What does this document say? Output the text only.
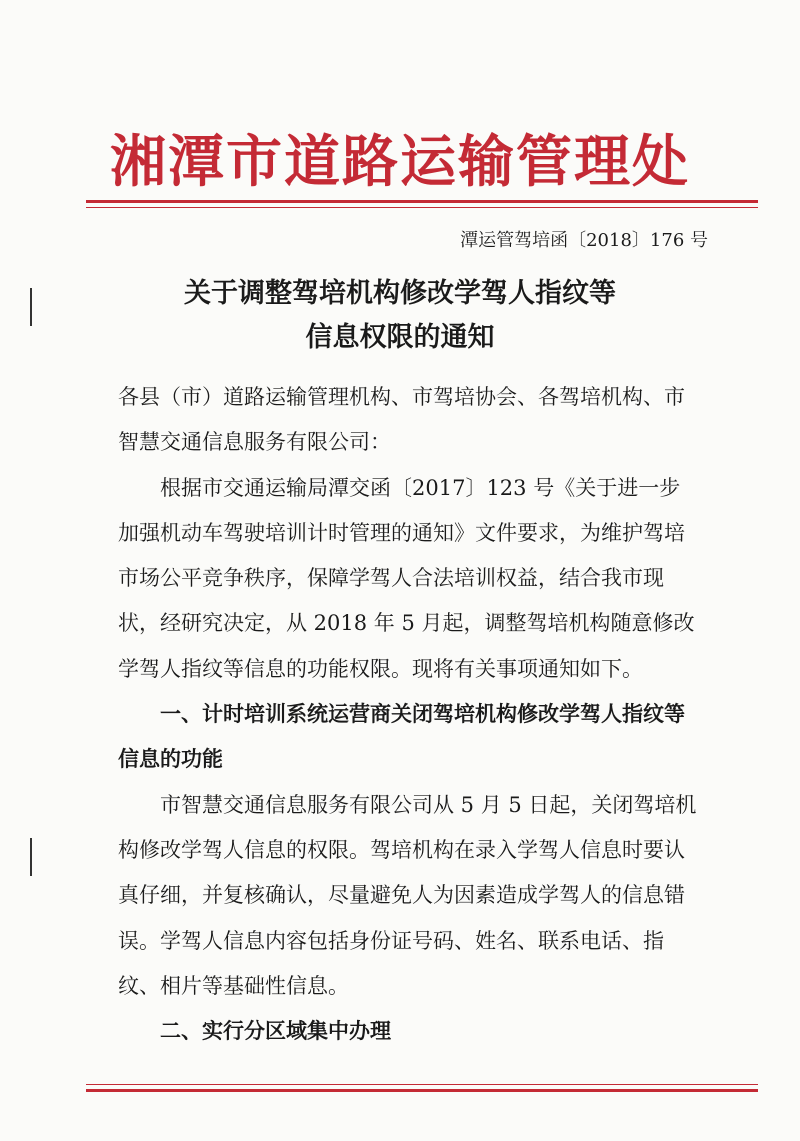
湘潭市道路运输管理处
潭运管驾培函〔2018〕176 号
关于调整驾培机构修改学驾人指纹等
信息权限的通知

各县（市）道路运输管理机构、市驾培协会、各驾培机构、市智慧交通信息服务有限公司：

根据市交通运输局潭交函〔2017〕123 号《关于进一步加强机动车驾驶培训计时管理的通知》文件要求，为维护驾培市场公平竞争秩序，保障学驾人合法培训权益，结合我市现状，经研究决定，从 2018 年 5 月起，调整驾培机构随意修改学驾人指纹等信息的功能权限。现将有关事项通知如下。

一、计时培训系统运营商关闭驾培机构修改学驾人指纹等信息的功能

市智慧交通信息服务有限公司从 5 月 5 日起，关闭驾培机构修改学驾人信息的权限。驾培机构在录入学驾人信息时要认真仔细，并复核确认，尽量避免人为因素造成学驾人的信息错误。学驾人信息内容包括身份证号码、姓名、联系电话、指纹、相片等基础性信息。

二、实行分区域集中办理
